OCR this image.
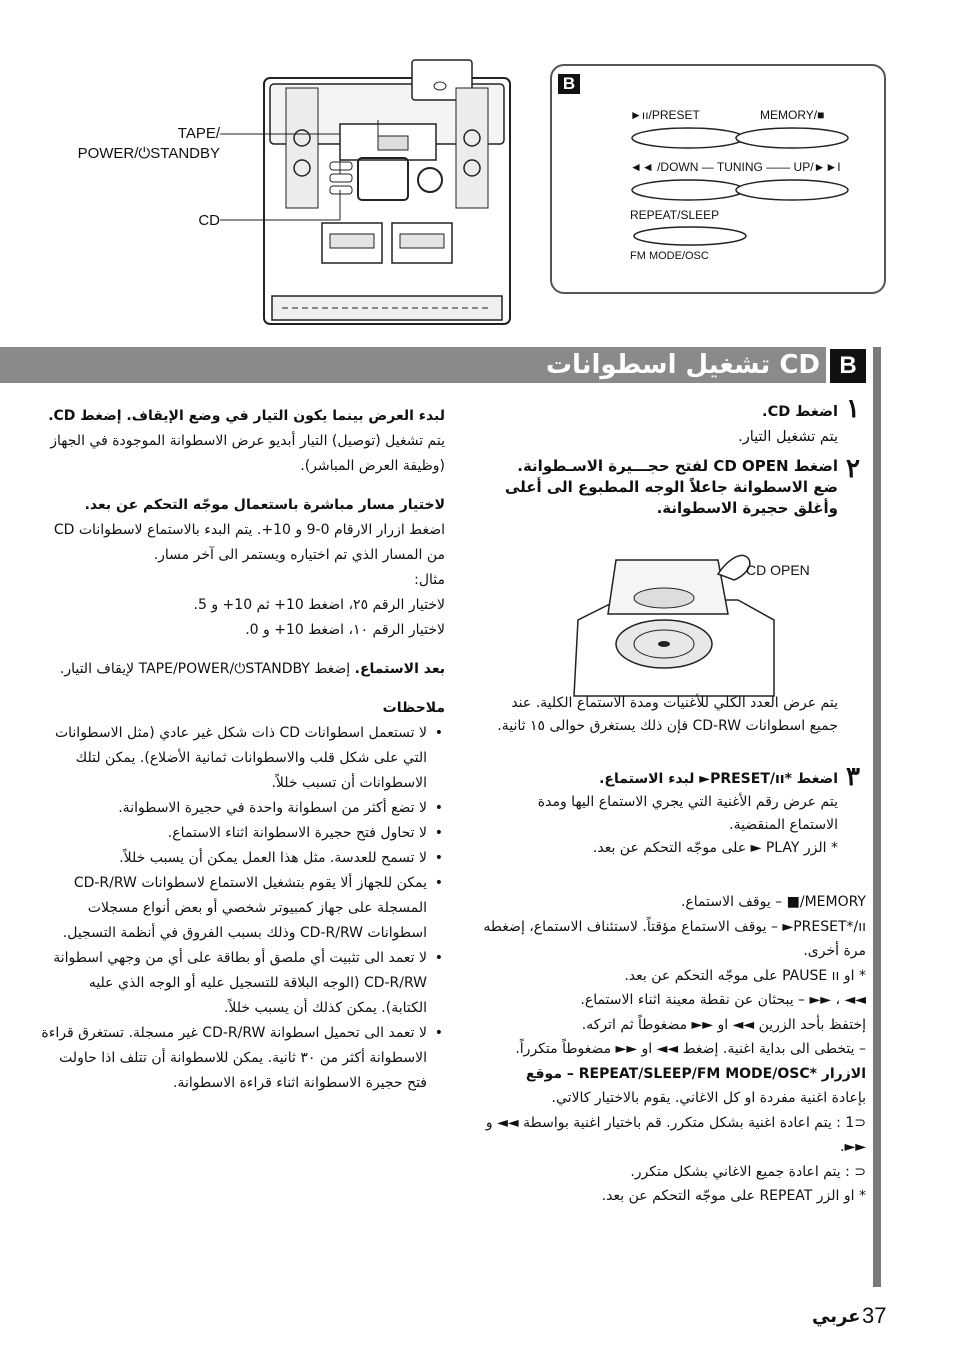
TAPE/
POWER/⏻STANDBY
CD
B
►ıı/PRESET	MEMORY/■
◄◄ /DOWN — TUNING —— UP/►►I
REPEAT/SLEEP
FM MODE/OSC
CD تشغيل اسطوانات B
١

اضغط CD.

يتم تشغيل التيار.

٢

اضغط CD OPEN لفتح حجـــيرة الاسـطوانة. ضع الاسطوانة جاعلاً الوجه المطبوع الى أعلى وأغلق حجيرة الاسطوانة.

CD OPEN

يتم عرض العدد الكلي للأغنيات ومدة الاستماع الكلية. عند جميع اسطوانات CD-RW فإن ذلك يستغرق حوالى ١٥ ثانية.

٣

اضغط *PRESET/ıı► لبدء الاستماع.

يتم عرض رقم الأغنية التي يجري الاستماع اليها ومدة الاستماع المنقضية.

* الزر PLAY ► على موجّه التحكم عن بعد.

MEMORY/■ – يوقف الاستماع.

PRESET*/ıı► – يوقف الاستماع مؤقتاً. لاستئناف الاستماع، إضغطه مرة أخرى.

* او PAUSE ıı على موجّه التحكم عن بعد.

◄◄ ، ►► – يبحثان عن نقطة معينة اثناء الاستماع.

إختفظ بأحد الزرين ◄◄ او ►► مضغوطاً ثم اتركه.

– يتخطى الى بداية اغنية. إضغط ◄◄ او ►► مضغوطاً متكرراً.

الازرار *REPEAT/SLEEP/FM MODE/OSC – موقع

بإعادة اغنية مفردة او كل الاغاني. يقوم بالاختيار كالاتي.

⊂1 : يتم اعادة اغنية بشكل متكرر. قم باختيار اغنية بواسطة ◄◄ و ►►.

⊂ : يتم اعادة جميع الاغاني بشكل متكرر.

* او الزر REPEAT على موجّه التحكم عن بعد.

لبدء العرض بينما يكون التيار في وضع الإيقاف. إضغط CD.

يتم تشغيل (توصيل) التيار أبديو عرض الاسطوانة الموجودة في الجهاز (وظيفة العرض المباشر).

لاختيار مسار مباشرة باستعمال موجّه التحكم عن بعد.

اضغط ازرار الارقام 0-9 و 10+. يتم البدء بالاستماع لاسطوانات CD من المسار الذي تم اختياره ويستمر الى آخر مسار.

مثال:

لاختيار الرقم ٢٥، اضغط 10+ ثم 10+ و 5.

لاختيار الرقم ١٠، اضغط 10+ و 0.

بعد الاستماع. إضغط TAPE/POWER/⏻STANDBY لإيقاف التيار.

ملاحظات

• لا تستعمل اسطوانات CD ذات شكل غير عادي (مثل الاسطوانات التي على شكل قلب والاسطوانات ثمانية الأضلاع). يمكن لتلك الاسطوانات أن تسبب خللاً.
• لا تضع أكثر من اسطوانة واحدة في حجيرة الاسطوانة.
• لا تحاول فتح حجيرة الاسطوانة اثناء الاستماع.
• لا تسمح للعدسة. مثل هذا العمل يمكن أن يسبب خللاً.
• يمكن للجهاز ألا يقوم بتشغيل الاستماع لاسطوانات CD-R/RW المسجلة على جهاز كمبيوتر شخصي أو بعض أنواع مسجلات اسطوانات CD-R/RW وذلك بسبب الفروق في أنظمة التسجيل.
• لا تعمد الى تثبيت أي ملصق أو بطاقة على أي من وجهي اسطوانة CD-R/RW (الوجه البلاقة للتسجيل عليه أو الوجه الذي عليه الكتابة). يمكن كذلك أن يسبب خللاً.
• لا تعمد الى تحميل اسطوانة CD-R/RW غير مسجلة. تستغرق قراءة الاسطوانة أكثر من ٣٠ ثانية. يمكن للاسطوانة أن تتلف اذا حاولت فتح حجيرة الاسطوانة اثناء قراءة الاسطوانة.
37
عربي
